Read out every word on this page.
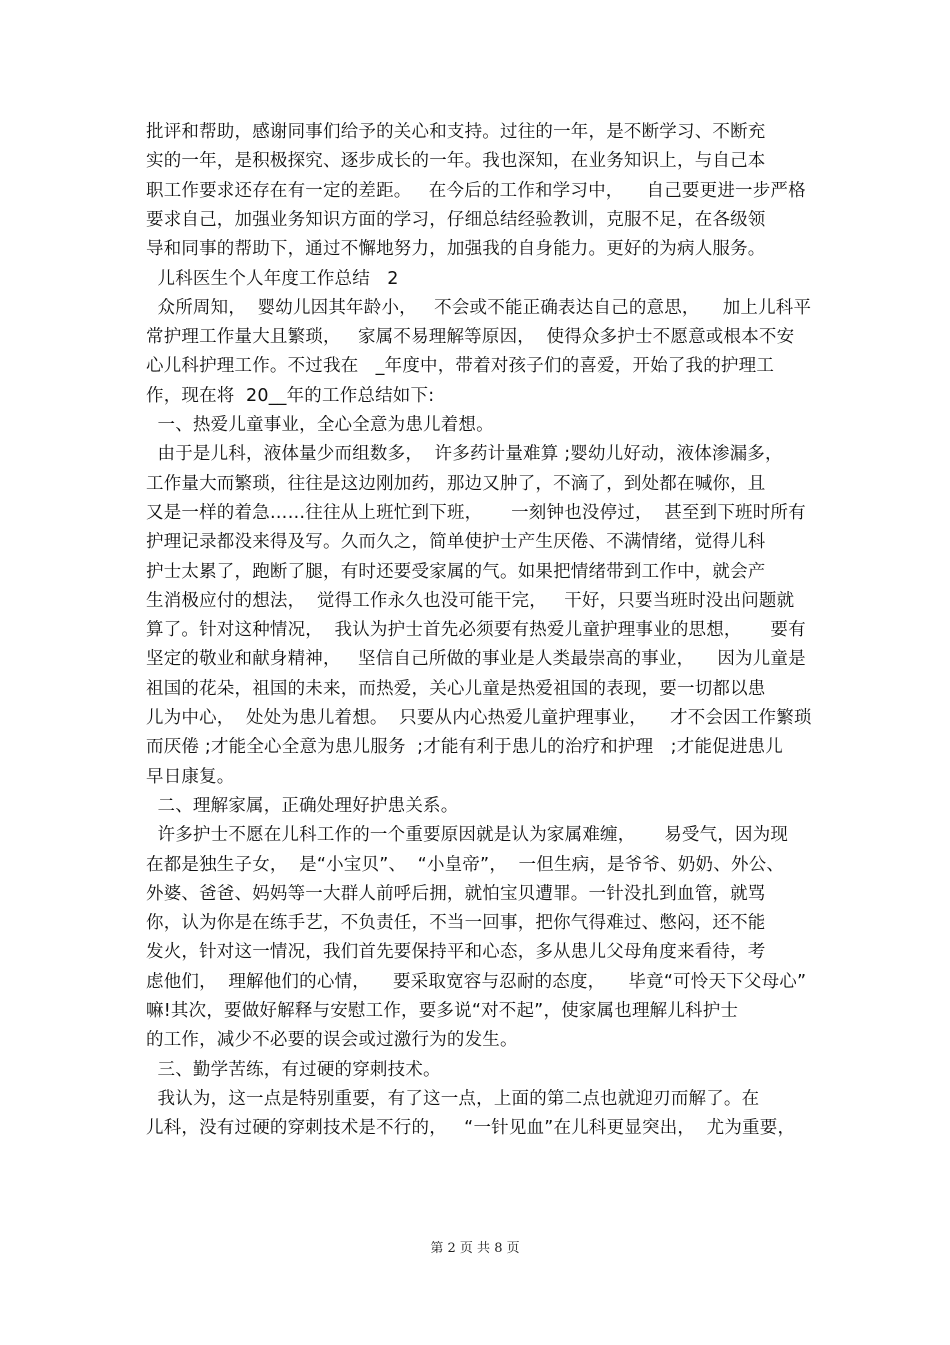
批评和帮助，感谢同事们给予的关心和支持。过往的一年，是不断学习、不断充
实的一年，是积极探究、逐步成长的一年。我也深知，在业务知识上，与自己本
职工作要求还存在有一定的差距。   在今后的工作和学习中，    自己要更进一步严格
要求自己，加强业务知识方面的学习，仔细总结经验教训，克服不足，在各级领
导和同事的帮助下，通过不懈地努力，加强我的自身能力。更好的为病人服务。
儿科医生个人年度工作总结   2
众所周知，  婴幼儿因其年龄小，   不会或不能正确表达自己的意思，    加上儿科平
常护理工作量大且繁琐，   家属不易理解等原因，  使得众多护士不愿意或根本不安
心儿科护理工作。不过我在   _年度中，带着对孩子们的喜爱，开始了我的护理工
作，现在将  20__年的工作总结如下:
一、热爱儿童事业，全心全意为患儿着想。
由于是儿科，液体量少而组数多，  许多药计量难算 ;婴幼儿好动，液体渗漏多，
工作量大而繁琐，往往是这边刚加药，那边又肿了，不滴了，到处都在喊你，且
又是一样的着急……往往从上班忙到下班，     一刻钟也没停过，  甚至到下班时所有
护理记录都没来得及写。久而久之，简单使护士产生厌倦、不满情绪，觉得儿科
护士太累了，跑断了腿，有时还要受家属的气。如果把情绪带到工作中，就会产
生消极应付的想法，  觉得工作永久也没可能干完，   干好，只要当班时没出问题就
算了。针对这种情况，  我认为护士首先必须要有热爱儿童护理事业的思想，     要有
坚定的敬业和献身精神，   坚信自己所做的事业是人类最崇高的事业，    因为儿童是
祖国的花朵，祖国的未来，而热爱，关心儿童是热爱祖国的表现，要一切都以患
儿为中心，  处处为患儿着想。  只要从内心热爱儿童护理事业，    才不会因工作繁琐
而厌倦 ;才能全心全意为患儿服务  ;才能有利于患儿的治疗和护理   ;才能促进患儿
早日康复。
二、理解家属，正确处理好护患关系。
许多护士不愿在儿科工作的一个重要原因就是认为家属难缠，     易受气，因为现
在都是独生子女，  是“小宝贝”、  “小皇帝”，  一但生病，是爷爷、奶奶、外公、
外婆、爸爸、妈妈等一大群人前呼后拥，就怕宝贝遭罪。一针没扎到血管，就骂
你，认为你是在练手艺，不负责任，不当一回事，把你气得难过、憋闷，还不能
发火，针对这一情况，我们首先要保持平和心态，多从患儿父母角度来看待，考
虑他们，  理解他们的心情，    要采取宽容与忍耐的态度，    毕竟“可怜天下父母心”
嘛!其次，要做好解释与安慰工作，要多说“对不起”，使家属也理解儿科护士
的工作，减少不必要的误会或过激行为的发生。
三、勤学苦练，有过硬的穿刺技术。
我认为，这一点是特别重要，有了这一点，上面的第二点也就迎刃而解了。在
儿科，没有过硬的穿刺技术是不行的，   “一针见血”在儿科更显突出，  尤为重要，
第 2 页 共 8 页
